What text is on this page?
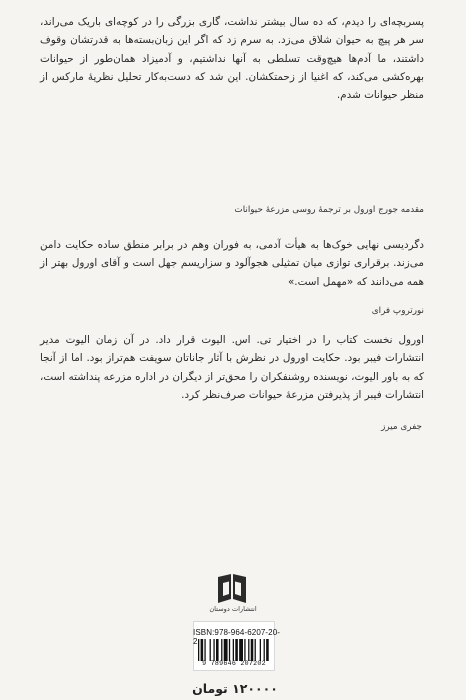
پسربچه‌ای را دیدم، که ده سال بیشتر نداشت، گاری بزرگی را در کوچه‌ای باریک می‌راند، سر هر پیچ به حیوان شلاق می‌زد. به سرم زد که اگر این زبان‌بسته‌ها به قدرتشان وقوف داشتند، ما آدم‌ها هیچ‌وقت تسلطی به آنها نداشتیم، و آدمیزاد همان‌طور از حیوانات بهره‌کشی می‌کند، که اغنیا از زحمتکشان. این شد که دست‌به‌کار تحلیل نظریهٔ مارکس از منظر حیوانات شدم.

مقدمه جورج اورول بر ترجمهٔ روسی مزرعهٔ حیوانات

دگردیسی نهایی خوک‌ها به هیأت آدمی، به فوران وهم در برابر منطق ساده حکایت دامن می‌زند. برقراری توازی میان تمثیلی هجوآلود و سزاریسم جهل است و آقای اورول بهتر از همه می‌دانند که «مهمل است.»

نورتروپ فرای

اورول نخست کتاب را در اختیار تی. اس. الیوت قرار داد. در آن زمان الیوت مدیر انتشارات فیبر بود. حکایت اورول در نظرش با آثار جاناتان سویفت هم‌تراز بود. اما از آنجا که به باور الیوت، نویسنده روشنفکران را محق‌تر از دیگران در اداره مزرعه پنداشته است، انتشارات فیبر از پذیرفتن مزرعهٔ حیوانات صرف‌نظر کرد.

جفری میرز

انتشارات دوستان
ISBN:978-964-6207-20-2
9 789646 207202
۱۲۰۰۰۰ تومان
